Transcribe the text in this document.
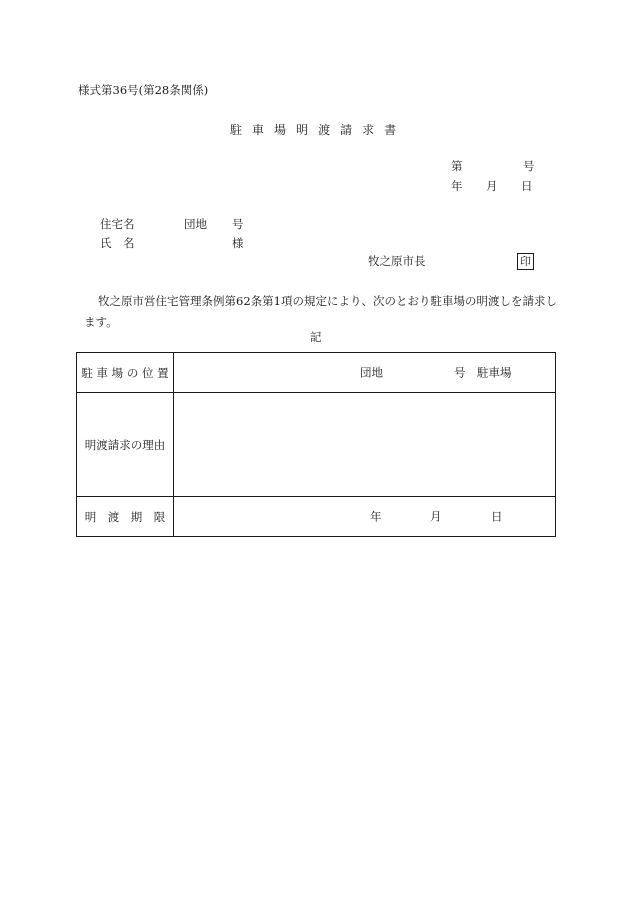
様式第36号(第28条関係)
駐 車 場 明 渡 請 求 書
第	号
年 月 日
住宅名	団地 号
氏　名	様
牧之原市長	印
牧之原市営住宅管理条例第62条第1項の規定により、次のとおり駐車場の明渡しを請求します。
記
駐 車 場 の 位 置	団地 号 駐車場

明渡請求の理由	
明　渡　期　限	年 月 日
